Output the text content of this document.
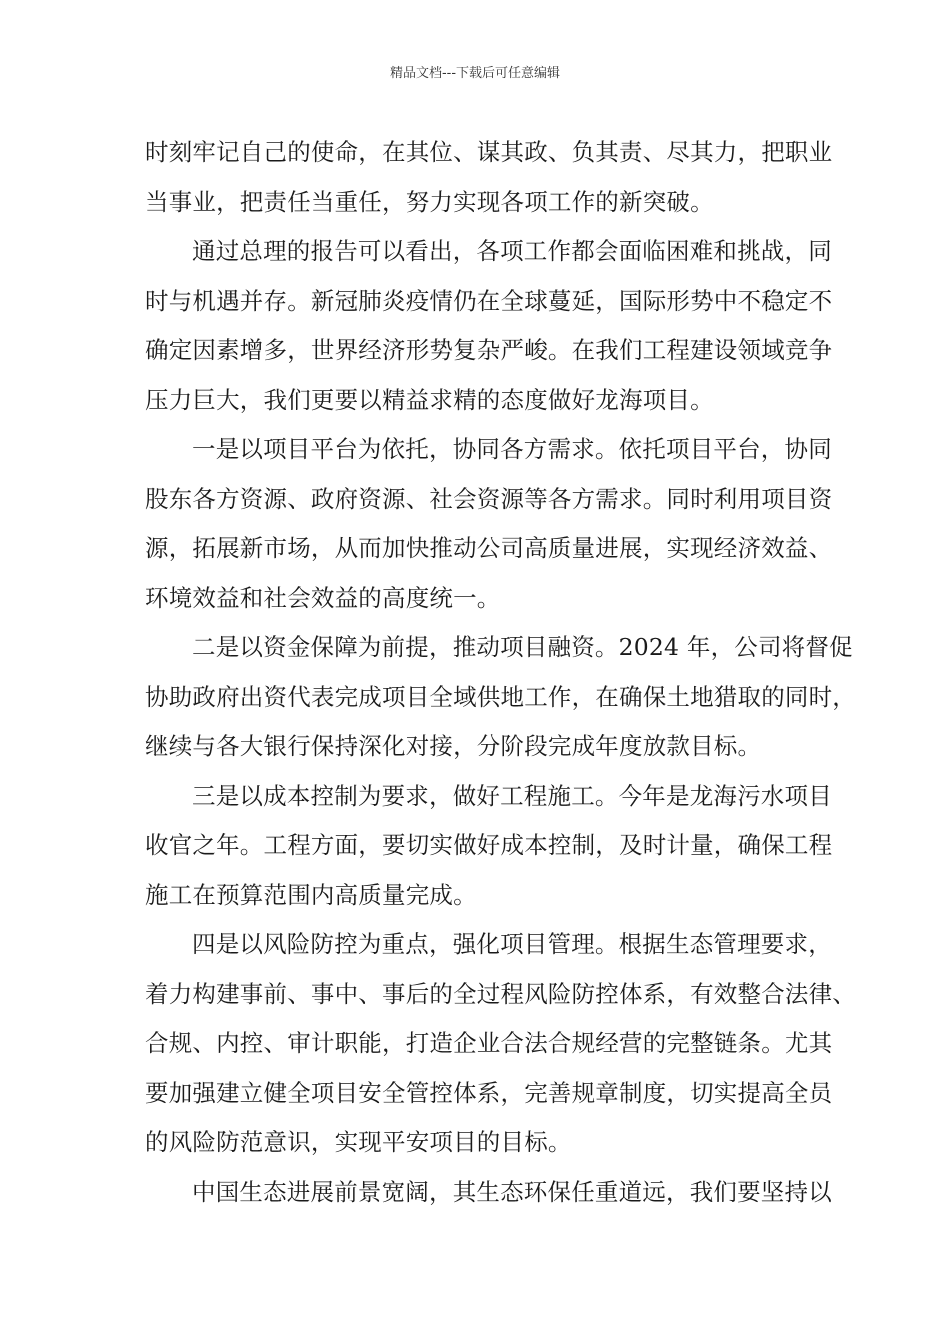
精品文档---下载后可任意编辑

时刻牢记自己的使命，在其位、谋其政、负其责、尽其力，把职业
当事业，把责任当重任，努力实现各项工作的新突破。

通过总理的报告可以看出，各项工作都会面临困难和挑战，同
时与机遇并存。新冠肺炎疫情仍在全球蔓延，国际形势中不稳定不
确定因素增多，世界经济形势复杂严峻。在我们工程建设领域竞争
压力巨大，我们更要以精益求精的态度做好龙海项目。

一是以项目平台为依托，协同各方需求。依托项目平台，协同
股东各方资源、政府资源、社会资源等各方需求。同时利用项目资
源，拓展新市场，从而加快推动公司高质量进展，实现经济效益、
环境效益和社会效益的高度统一。

二是以资金保障为前提，推动项目融资。2024 年，公司将督促
协助政府出资代表完成项目全域供地工作，在确保土地猎取的同时，
继续与各大银行保持深化对接，分阶段完成年度放款目标。

三是以成本控制为要求，做好工程施工。今年是龙海污水项目
收官之年。工程方面，要切实做好成本控制，及时计量，确保工程
施工在预算范围内高质量完成。

四是以风险防控为重点，强化项目管理。根据生态管理要求，
着力构建事前、事中、事后的全过程风险防控体系，有效整合法律、
合规、内控、审计职能，打造企业合法合规经营的完整链条。尤其
要加强建立健全项目安全管控体系，完善规章制度，切实提高全员
的风险防范意识，实现平安项目的目标。

中国生态进展前景宽阔，其生态环保任重道远，我们要坚持以
